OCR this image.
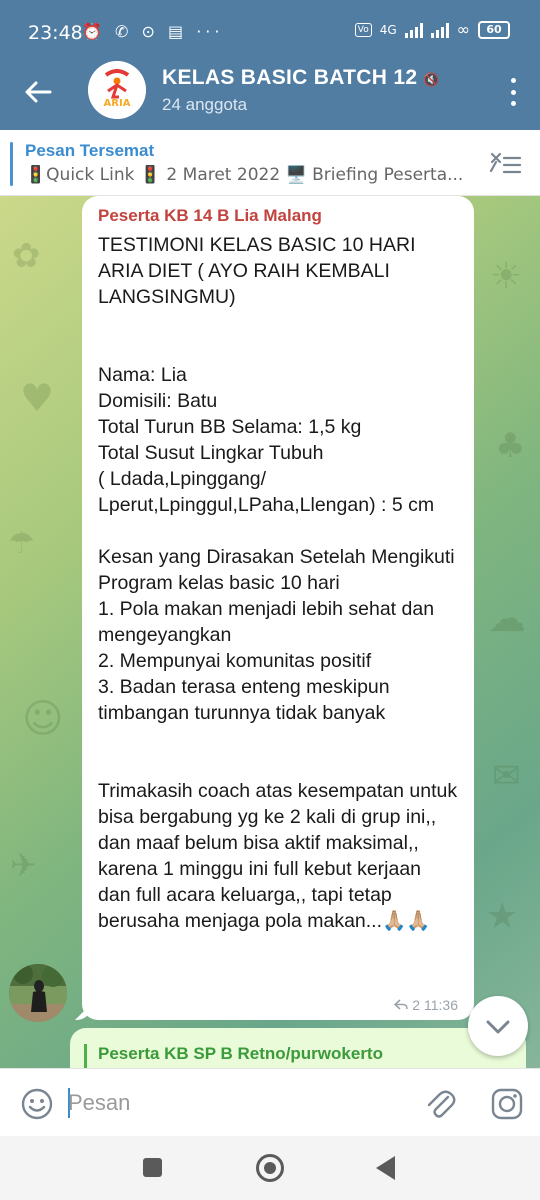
23:48 ⏰ ✆ ⊙ ▤ ···	Vo 4G	∞	60
ARIA
KELAS BASIC BATCH 12 🔇
24 anggota
Pesan Tersemat
🚦Quick Link 🚦 2 Maret 2022 🖥️ Briefing Peserta...
✿
♥
☂
☺
✈
☀
♣
☁
✉
★
Peserta KB 14 B Lia Malang
TESTIMONI KELAS BASIC 10 HARI ARIA DIET ( AYO RAIH KEMBALI LANGSINGMU)

Nama: Lia
Domisili: Batu
Total Turun BB Selama: 1,5 kg
Total Susut Lingkar Tubuh
( Ldada,Lpinggang/
Lperut,Lpinggul,LPaha,Llengan) : 5 cm

Kesan yang Dirasakan Setelah Mengikuti Program kelas basic 10 hari
1. Pola makan menjadi lebih sehat dan mengeyangkan
2. Mempunyai komunitas positif
3. Badan terasa enteng meskipun timbangan turunnya tidak banyak

Trimakasih coach atas kesempatan untuk bisa bergabung yg ke 2 kali di grup ini,, dan maaf belum bisa aktif maksimal,, karena 1 minggu ini full kebut kerjaan dan full acara keluarga,, tapi tetap berusaha menjaga pola makan...🙏🏼🙏🏼
2 11:36
Peserta KB SP B Retno/purwokerto
Pesan
